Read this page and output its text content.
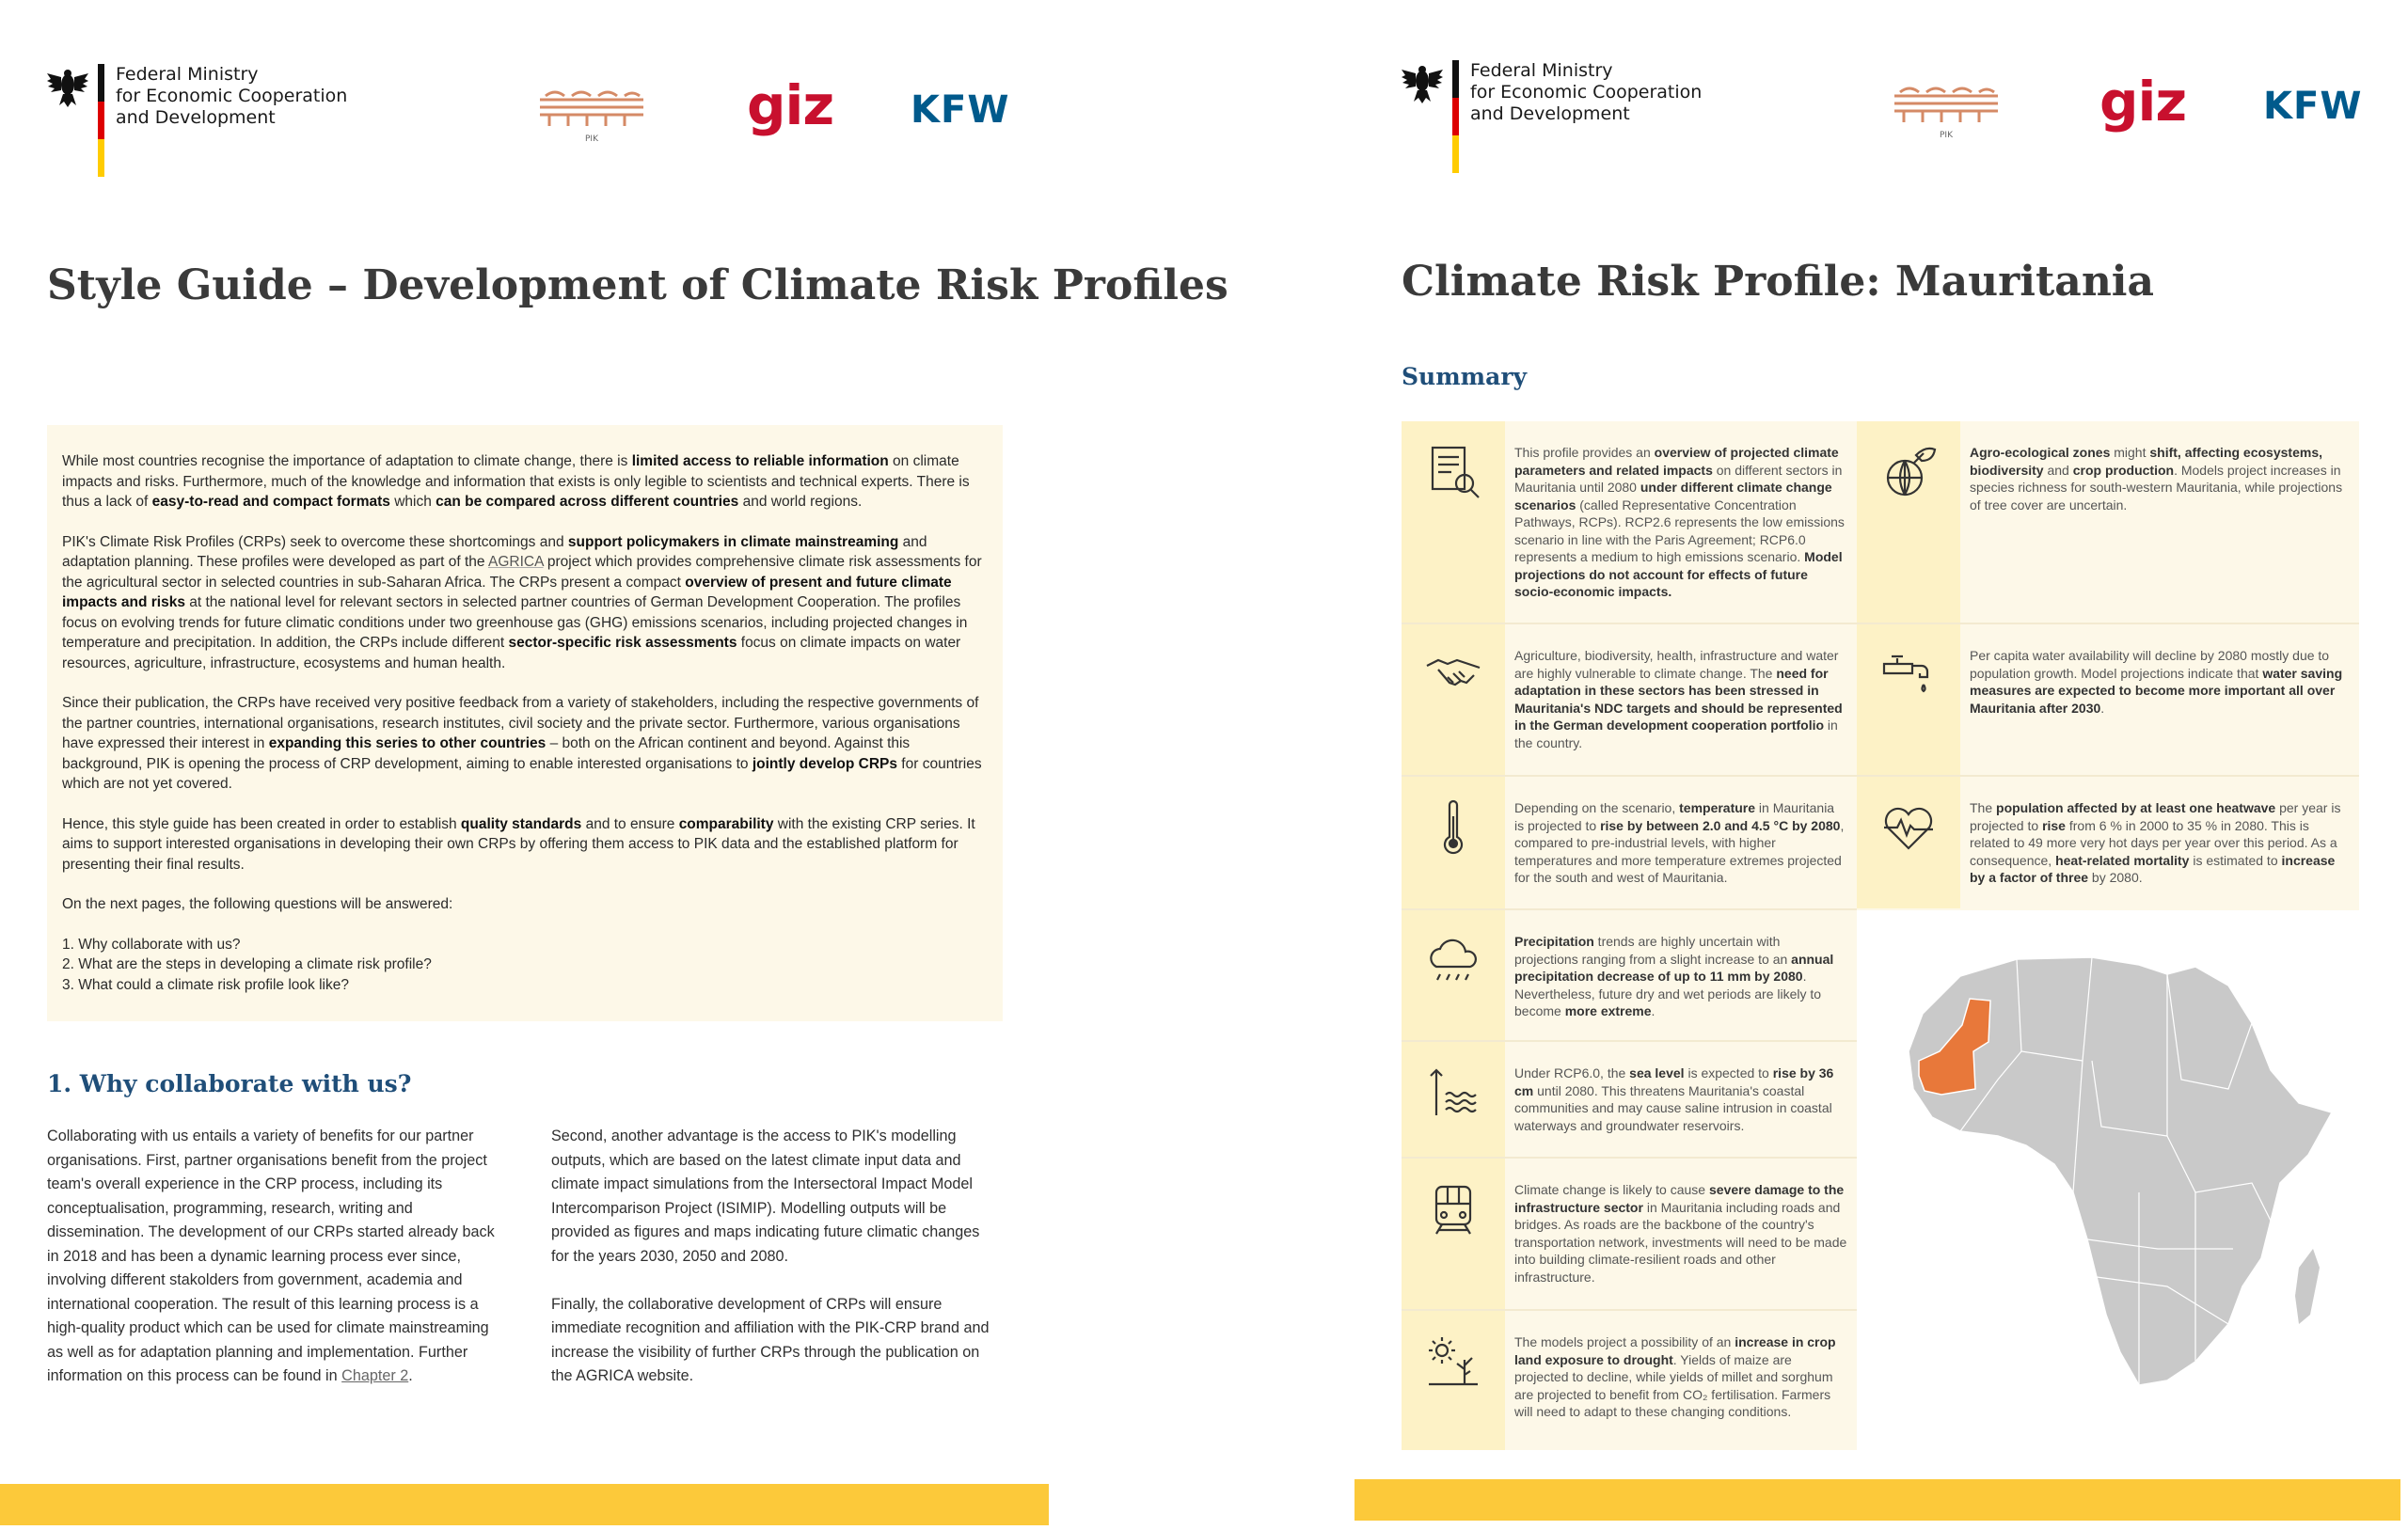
Federal Ministry
for Economic Cooperation
and Development
PIK
giz KFW
Style Guide – Development of Climate Risk Profiles

While most countries recognise the importance of adaptation to climate change, there is limited access to reliable information on climate impacts and risks. Furthermore, much of the knowledge and information that exists is only legible to scientists and technical experts. There is thus a lack of easy-to-read and compact formats which can be compared across different countries and world regions.

PIK's Climate Risk Profiles (CRPs) seek to overcome these shortcomings and support policymakers in climate mainstreaming and adaptation planning. These profiles were developed as part of the AGRICA project which provides comprehensive climate risk assessments for the agricultural sector in selected countries in sub-Saharan Africa. The CRPs present a compact overview of present and future climate impacts and risks at the national level for relevant sectors in selected partner countries of German Development Cooperation. The profiles focus on evolving trends for future climatic conditions under two greenhouse gas (GHG) emissions scenarios, including projected changes in temperature and precipitation. In addition, the CRPs include different sector-specific risk assessments focus on climate impacts on water resources, agriculture, infrastructure, ecosystems and human health.

Since their publication, the CRPs have received very positive feedback from a variety of stakeholders, including the respective governments of the partner countries, international organisations, research institutes, civil society and the private sector. Furthermore, various organisations have expressed their interest in expanding this series to other countries – both on the African continent and beyond. Against this background, PIK is opening the process of CRP development, aiming to enable interested organisations to jointly develop CRPs for countries which are not yet covered.

Hence, this style guide has been created in order to establish quality standards and to ensure comparability with the existing CRP series. It aims to support interested organisations in developing their own CRPs by offering them access to PIK data and the established platform for presenting their final results.

On the next pages, the following questions will be answered:

1. Why collaborate with us?
2. What are the steps in developing a climate risk profile?
3. What could a climate risk profile look like?
1. Why collaborate with us?

Collaborating with us entails a variety of benefits for our partner organisations. First, partner organisations benefit from the project team's overall experience in the CRP process, including its conceptualisation, programming, research, writing and dissemination. The development of our CRPs started already back in 2018 and has been a dynamic learning process ever since, involving different stakolders from government, academia and international cooperation. The result of this learning process is a high-quality product which can be used for climate mainstreaming as well as for adaptation planning and implementation. Further information on this process can be found in Chapter 2.

Second, another advantage is the access to PIK's modelling outputs, which are based on the latest climate input data and climate impact simulations from the Intersectoral Impact Model Intercomparison Project (ISIMIP). Modelling outputs will be provided as figures and maps indicating future climatic changes for the years 2030, 2050 and 2080.

Finally, the collaborative development of CRPs will ensure immediate recognition and affiliation with the PIK-CRP brand and increase the visibility of further CRPs through the publication on the AGRICA website.

Federal Ministry
for Economic Cooperation
and Development
PIK
giz KFW
Climate Risk Profile: Mauritania
Summary
This profile provides an overview of projected climate parameters and related impacts on different sectors in Mauritania until 2080 under different climate change scenarios (called Representative Concentration Pathways, RCPs). RCP2.6 represents the low emissions scenario in line with the Paris Agreement; RCP6.0 represents a medium to high emissions scenario. Model projections do not account for effects of future socio-economic impacts.
Agriculture, biodiversity, health, infrastructure and water are highly vulnerable to climate change. The need for adaptation in these sectors has been stressed in Mauritania's NDC targets and should be represented in the German development cooperation portfolio in the country.
Depending on the scenario, temperature in Mauritania is projected to rise by between 2.0 and 4.5 °C by 2080, compared to pre-industrial levels, with higher temperatures and more temperature extremes projected for the south and west of Mauritania.
Precipitation trends are highly uncertain with projections ranging from a slight increase to an annual precipitation decrease of up to 11 mm by 2080. Nevertheless, future dry and wet periods are likely to become more extreme.
Under RCP6.0, the sea level is expected to rise by 36 cm until 2080. This threatens Mauritania's coastal communities and may cause saline intrusion in coastal waterways and groundwater reservoirs.
Climate change is likely to cause severe damage to the infrastructure sector in Mauritania including roads and bridges. As roads are the backbone of the country's transportation network, investments will need to be made into building climate-resilient roads and other infrastructure.
The models project a possibility of an increase in crop land exposure to drought. Yields of maize are projected to decline, while yields of millet and sorghum are projected to benefit from CO₂ fertilisation. Farmers will need to adapt to these changing conditions.
Agro-ecological zones might shift, affecting ecosystems, biodiversity and crop production. Models project increases in species richness for south-western Mauritania, while projections of tree cover are uncertain.
Per capita water availability will decline by 2080 mostly due to population growth. Model projections indicate that water saving measures are expected to become more important all over Mauritania after 2030.
The population affected by at least one heatwave per year is projected to rise from 6 % in 2000 to 35 % in 2080. This is related to 49 more very hot days per year over this period. As a consequence, heat-related mortality is estimated to increase by a factor of three by 2080.
